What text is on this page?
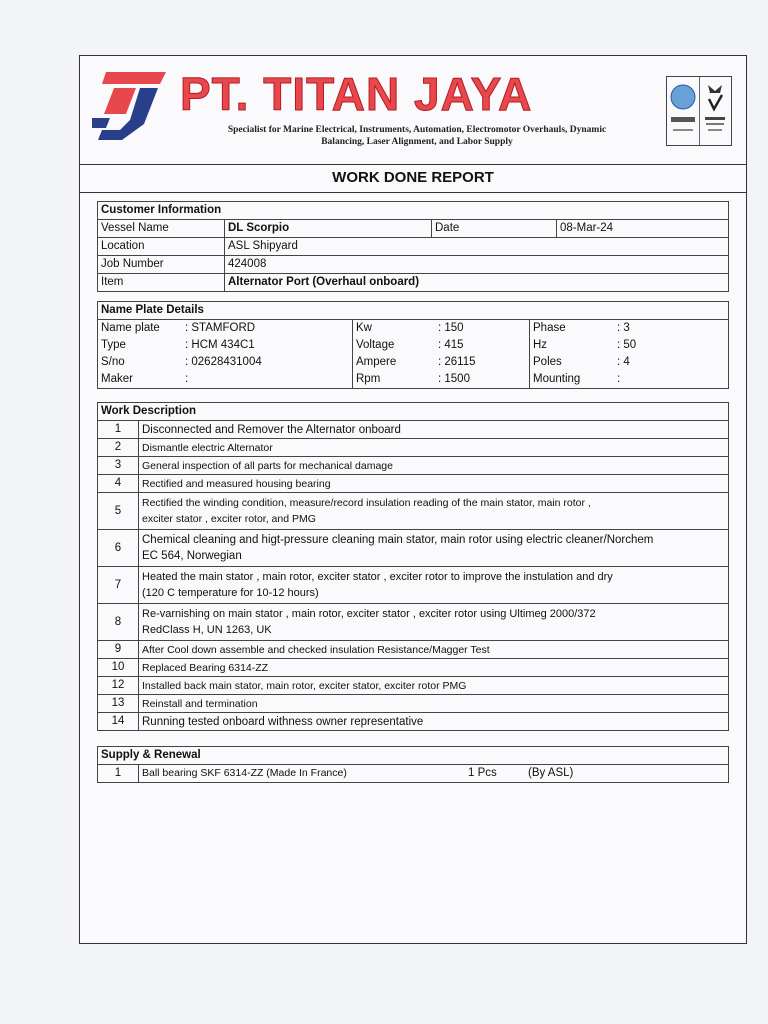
PT. TITAN JAYA
Specialist for Marine Electrical, Instruments, Automation, Electromotor Overhauls, Dynamic
Balancing, Laser Alignment, and Labor Supply
WORK DONE REPORT
Customer Information			
Vessel Name	DL Scorpio	Date	08-Mar-24
Location	ASL Shipyard		
Job Number	424008		
Item	Alternator Port (Overhaul onboard)		
Name Plate Details					
Name plate	: STAMFORD	Kw	: 150	Phase	: 3
Type	: HCM 434C1	Voltage	: 415	Hz	: 50
S/no	: 02628431004	Ampere	: 26115	Poles	: 4
Maker	:	Rpm	: 1500	Mounting	:
Work Description	
1	Disconnected and Remover the Alternator onboard
2	Dismantle electric Alternator
3	General inspection of all parts for mechanical damage
4	Rectified and measured housing bearing
5	Rectified the winding condition, measure/record insulation reading of the main stator, main rotor ,
exciter stator , exciter rotor, and PMG

6	Chemical cleaning and higt-pressure cleaning main stator, main rotor using electric cleaner/Norchem
EC 564, Norwegian

7	Heated the main stator , main rotor, exciter stator , exciter rotor to improve the instulation and dry
(120 C temperature for 10-12 hours)

8	Re-varnishing on main stator , main rotor, exciter stator , exciter rotor using Ultimeg 2000/372
RedClass H, UN 1263, UK

9	After Cool down assemble and checked insulation Resistance/Magger Test
10	Replaced Bearing 6314-ZZ
12	Installed back main stator, main rotor, exciter stator, exciter rotor PMG
13	Reinstall and termination
14	Running tested onboard withness owner representative
Supply & Renewal
1	Ball bearing SKF 6314-ZZ (Made In France)	1 Pcs	(By ASL)
